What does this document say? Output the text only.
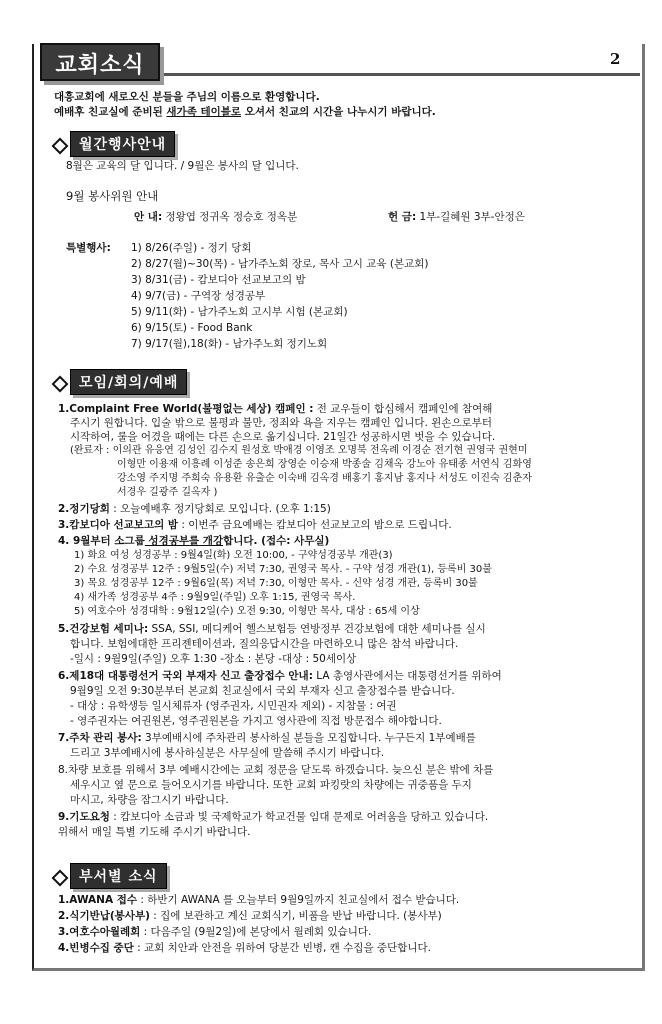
교회소식	2
대흥교회에 새로오신 분들을 주님의 이름으로 환영합니다.
예배후 친교실에 준비된 새가족 테이블로 오셔서 친교의 시간을 나누시기 바랍니다.
월간행사안내
8월은 교육의 달 입니다. / 9월은 봉사의 달 입니다.
9월 봉사위원 안내
안 내: 정왕엽 정귀옥 정승호 정옥분	헌 금: 1부-길혜원 3부-안정은
특별행사: 1) 8/26(주일) - 정기 당회
2) 8/27(월)~30(목) - 남가주노회 장로, 목사 고시 교육 (본교회)
3) 8/31(금) - 캄보디아 선교보고의 밤
4) 9/7(금) - 구역장 성경공부
5) 9/11(화) - 남가주노회 고시부 시험 (본교회)
6) 9/15(토) - Food Bank
7) 9/17(월),18(화) - 남가주노회 정기노회
모임/회의/예배
1.Complaint Free World(불평없는 세상) 캠페인 : 전 교우들이 합심해서 캠페인에 참여해
주시기 원합니다. 입술 밖으로 불평과 불만, 정죄와 욕을 지우는 캠페인 입니다. 왼손으로부터
시작하여, 룰을 어겼을 때에는 다른 손으로 옮기십니다. 21일간 성공하시면 벗을 수 있습니다.
(완료자 : 이의관 유응연 김성인 김수지 원성호 박애경 이영조 오명북 전옥례 이경순 전기현 권영국 권현미
이형만 이용재 이흥례 이성준 송은희 장영순 이승재 박종술 김채옥 강노아 유태종 서연식 김화영
강소영 주지명 주희숙 유용환 유출순 이숙배 김옥경 배홍기 홍지남 홍지나 서성도 이진숙 김춘자
서경우 길광주 길옥자 )
2.정기당회 : 오늘예배후 정기당회로 모입니다. (오후 1:15)
3.캄보디아 선교보고의 밤 : 이번주 금요예배는 캄보디아 선교보고의 밤으로 드립니다.
4. 9월부터 소그룹 성경공부를 개강합니다. (접수: 사무실)
1) 화요 여성 성경공부 : 9월4일(화) 오전 10:00, - 구약성경공부 개관(3)
2) 수요 성경공부 12주 : 9월5일(수) 저녁 7:30, 권영국 목사. - 구약 성경 개관(1), 등록비 30불
3) 목요 성경공부 12주 : 9월6일(목) 저녁 7:30, 이형만 목사. - 신약 성경 개관, 등록비 30불
4) 새가족 성경공부 4주 : 9월9일(주일) 오후 1:15, 권영국 목사.
5) 여호수아 성경대학 : 9월12일(수) 오전 9:30, 이형만 목사, 대상 : 65세 이상
5.건강보험 세미나: SSA, SSI, 메디케어 헬스보험등 연방정부 건강보험에 대한 세미나를 실시
합니다. 보험에대한 프리젠테이션과, 질의응답시간을 마련하오니 많은 참석 바랍니다.
-일시 : 9월9일(주일) 오후 1:30 -장소 : 본당 -대상 : 50세이상
6.제18대 대통령선거 국외 부재자 신고 출장접수 안내: LA 총영사관에서는 대통령선거를 위하여
9월9일 오전 9:30분부터 본교회 친교실에서 국외 부재자 신고 출장접수를 받습니다.
- 대상 : 유학생등 일시체류자 (영주권자, 시민권자 제외) - 지참물 : 여권
- 영주권자는 여권원본, 영주권원본을 가지고 영사관에 직접 방문접수 해야합니다.
7.주차 관리 봉사: 3부예배시에 주차관리 봉사하실 분들을 모집합니다. 누구든지 1부예배를
드리고 3부예배시에 봉사하실분은 사무실에 말씀해 주시기 바랍니다.
8.차량 보호를 위해서 3부 예배시간에는 교회 정문을 닫도록 하겠습니다. 늦으신 분은 밖에 차를
세우시고 옆 문으로 들어오시기를 바랍니다. 또한 교회 파킹랏의 차량에는 귀중품을 두지
마시고, 차량을 잠그시기 바랍니다.
9.기도요청 : 캄보디아 소금과 빛 국제학교가 학교건물 임대 문제로 어려움을 당하고 있습니다.
위해서 매일 특별 기도해 주시기 바랍니다.
부서별 소식
1.AWANA 접수 : 하반기 AWANA 를 오늘부터 9월9일까지 친교실에서 접수 받습니다.
2.식기반납(봉사부) : 집에 보관하고 계신 교회식기, 비품을 반납 바랍니다. (봉사부)
3.여호수아월례회 : 다음주일 (9월2일)에 본당에서 월례회 있습니다.
4.빈병수집 중단 : 교회 치안과 안전을 위하여 당분간 빈병, 캔 수집을 중단합니다.
